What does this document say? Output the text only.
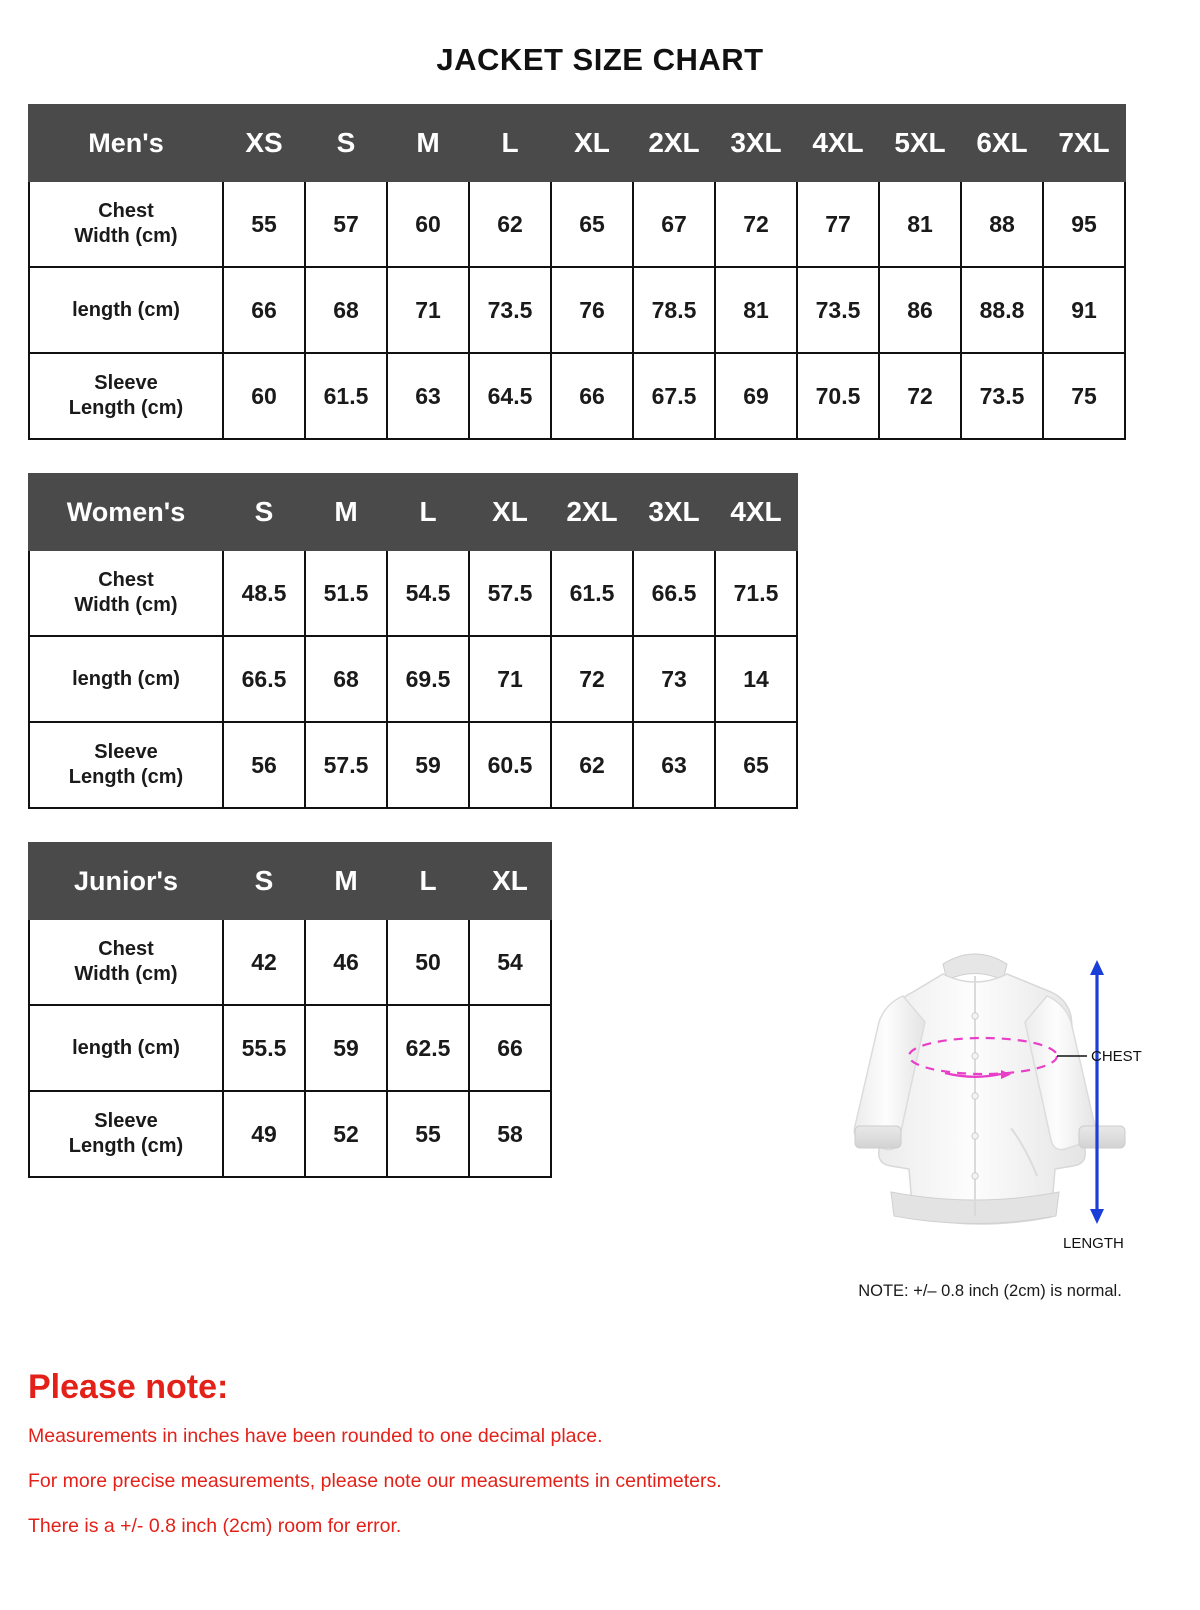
JACKET SIZE CHART
Men's	XS	S	M	L	XL	2XL	3XL	4XL	5XL	6XL	7XL

Chest
Width (cm)	55	57	60	62	65	67	72	77	81	88	95

length (cm)	66	68	71	73.5	76	78.5	81	73.5	86	88.8	91

Sleeve
Length (cm)	60	61.5	63	64.5	66	67.5	69	70.5	72	73.5	75
Women's	S	M	L	XL	2XL	3XL	4XL

Chest
Width (cm)	48.5	51.5	54.5	57.5	61.5	66.5	71.5

length (cm)	66.5	68	69.5	71	72	73	14

Sleeve
Length (cm)	56	57.5	59	60.5	62	63	65
Junior's	S	M	L	XL

Chest
Width (cm)	42	46	50	54

length (cm)	55.5	59	62.5	66

Sleeve
Length (cm)	49	52	55	58
CHEST
LENGTH
NOTE: +/– 0.8 inch (2cm) is normal.
Please note:

Measurements in inches have been rounded to one decimal place.

For more precise measurements, please note our measurements in centimeters.

There is a +/- 0.8 inch (2cm) room for error.
